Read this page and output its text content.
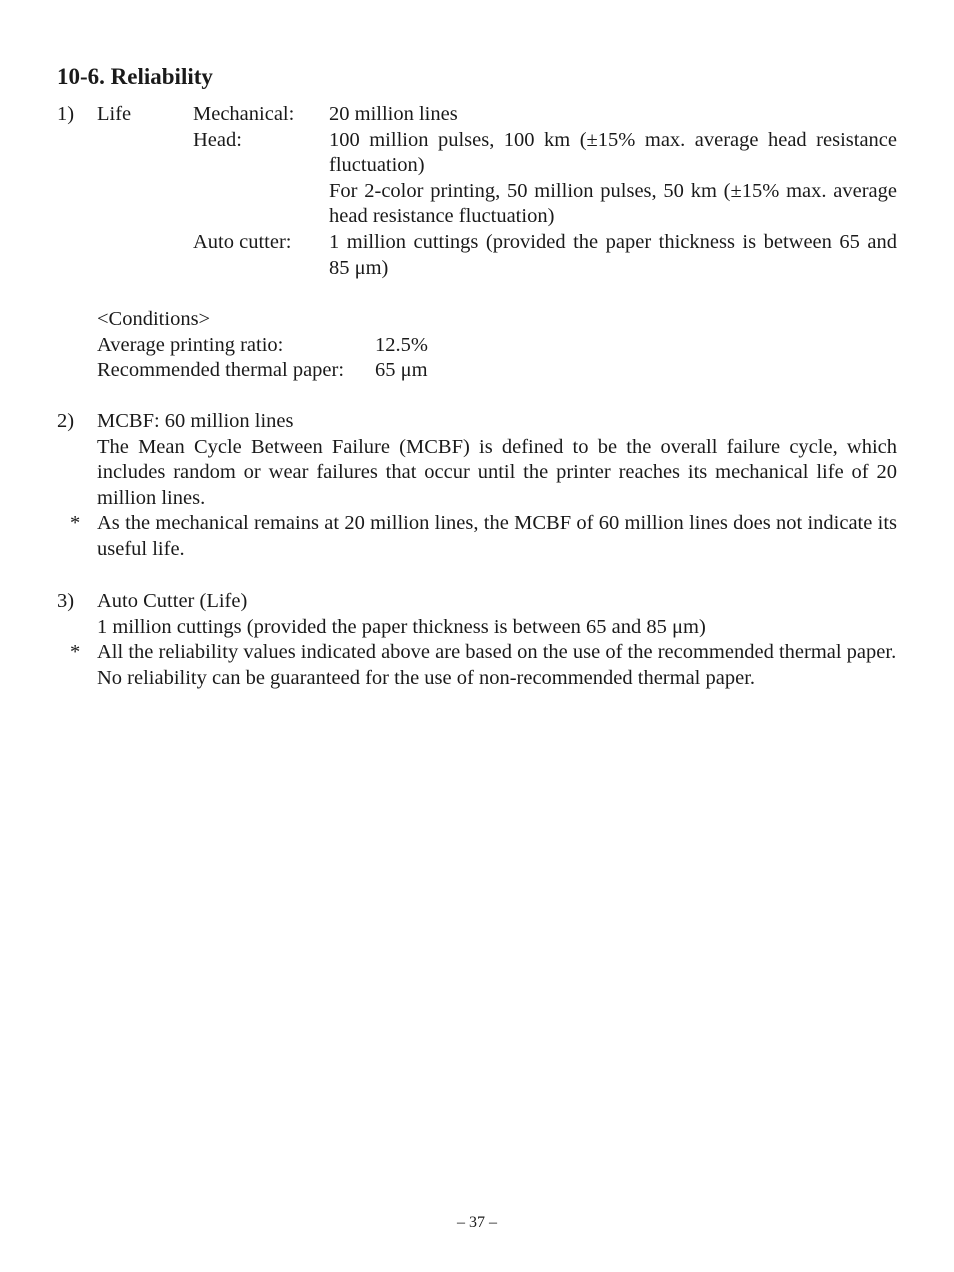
10-6. Reliability
1) Life	Mechanical: 20 million lines
Head:	100 million pulses, 100 km (±15% max. average head resistance fluctuation)
For 2-color printing, 50 million pulses, 50 km (±15% max. average head resistance fluctuation)
Auto cutter: 1 million cuttings (provided the paper thickness is between 65 and 85 μm)
<Conditions>
Average printing ratio:	12.5%
Recommended thermal paper: 65 μm
2) MCBF: 60 million lines
The Mean Cycle Between Failure (MCBF) is defined to be the overall failure cycle, which includes random or wear failures that occur until the printer reaches its mechanical life of 20 million lines.
* As the mechanical remains at 20 million lines, the MCBF of 60 million lines does not indicate its useful life.
3) Auto Cutter (Life)
1 million cuttings (provided the paper thickness is between 65 and 85 μm)
* All the reliability values indicated above are based on the use of the recommended thermal paper. No reliability can be guaranteed for the use of non-recommended thermal paper.
– 37 –
